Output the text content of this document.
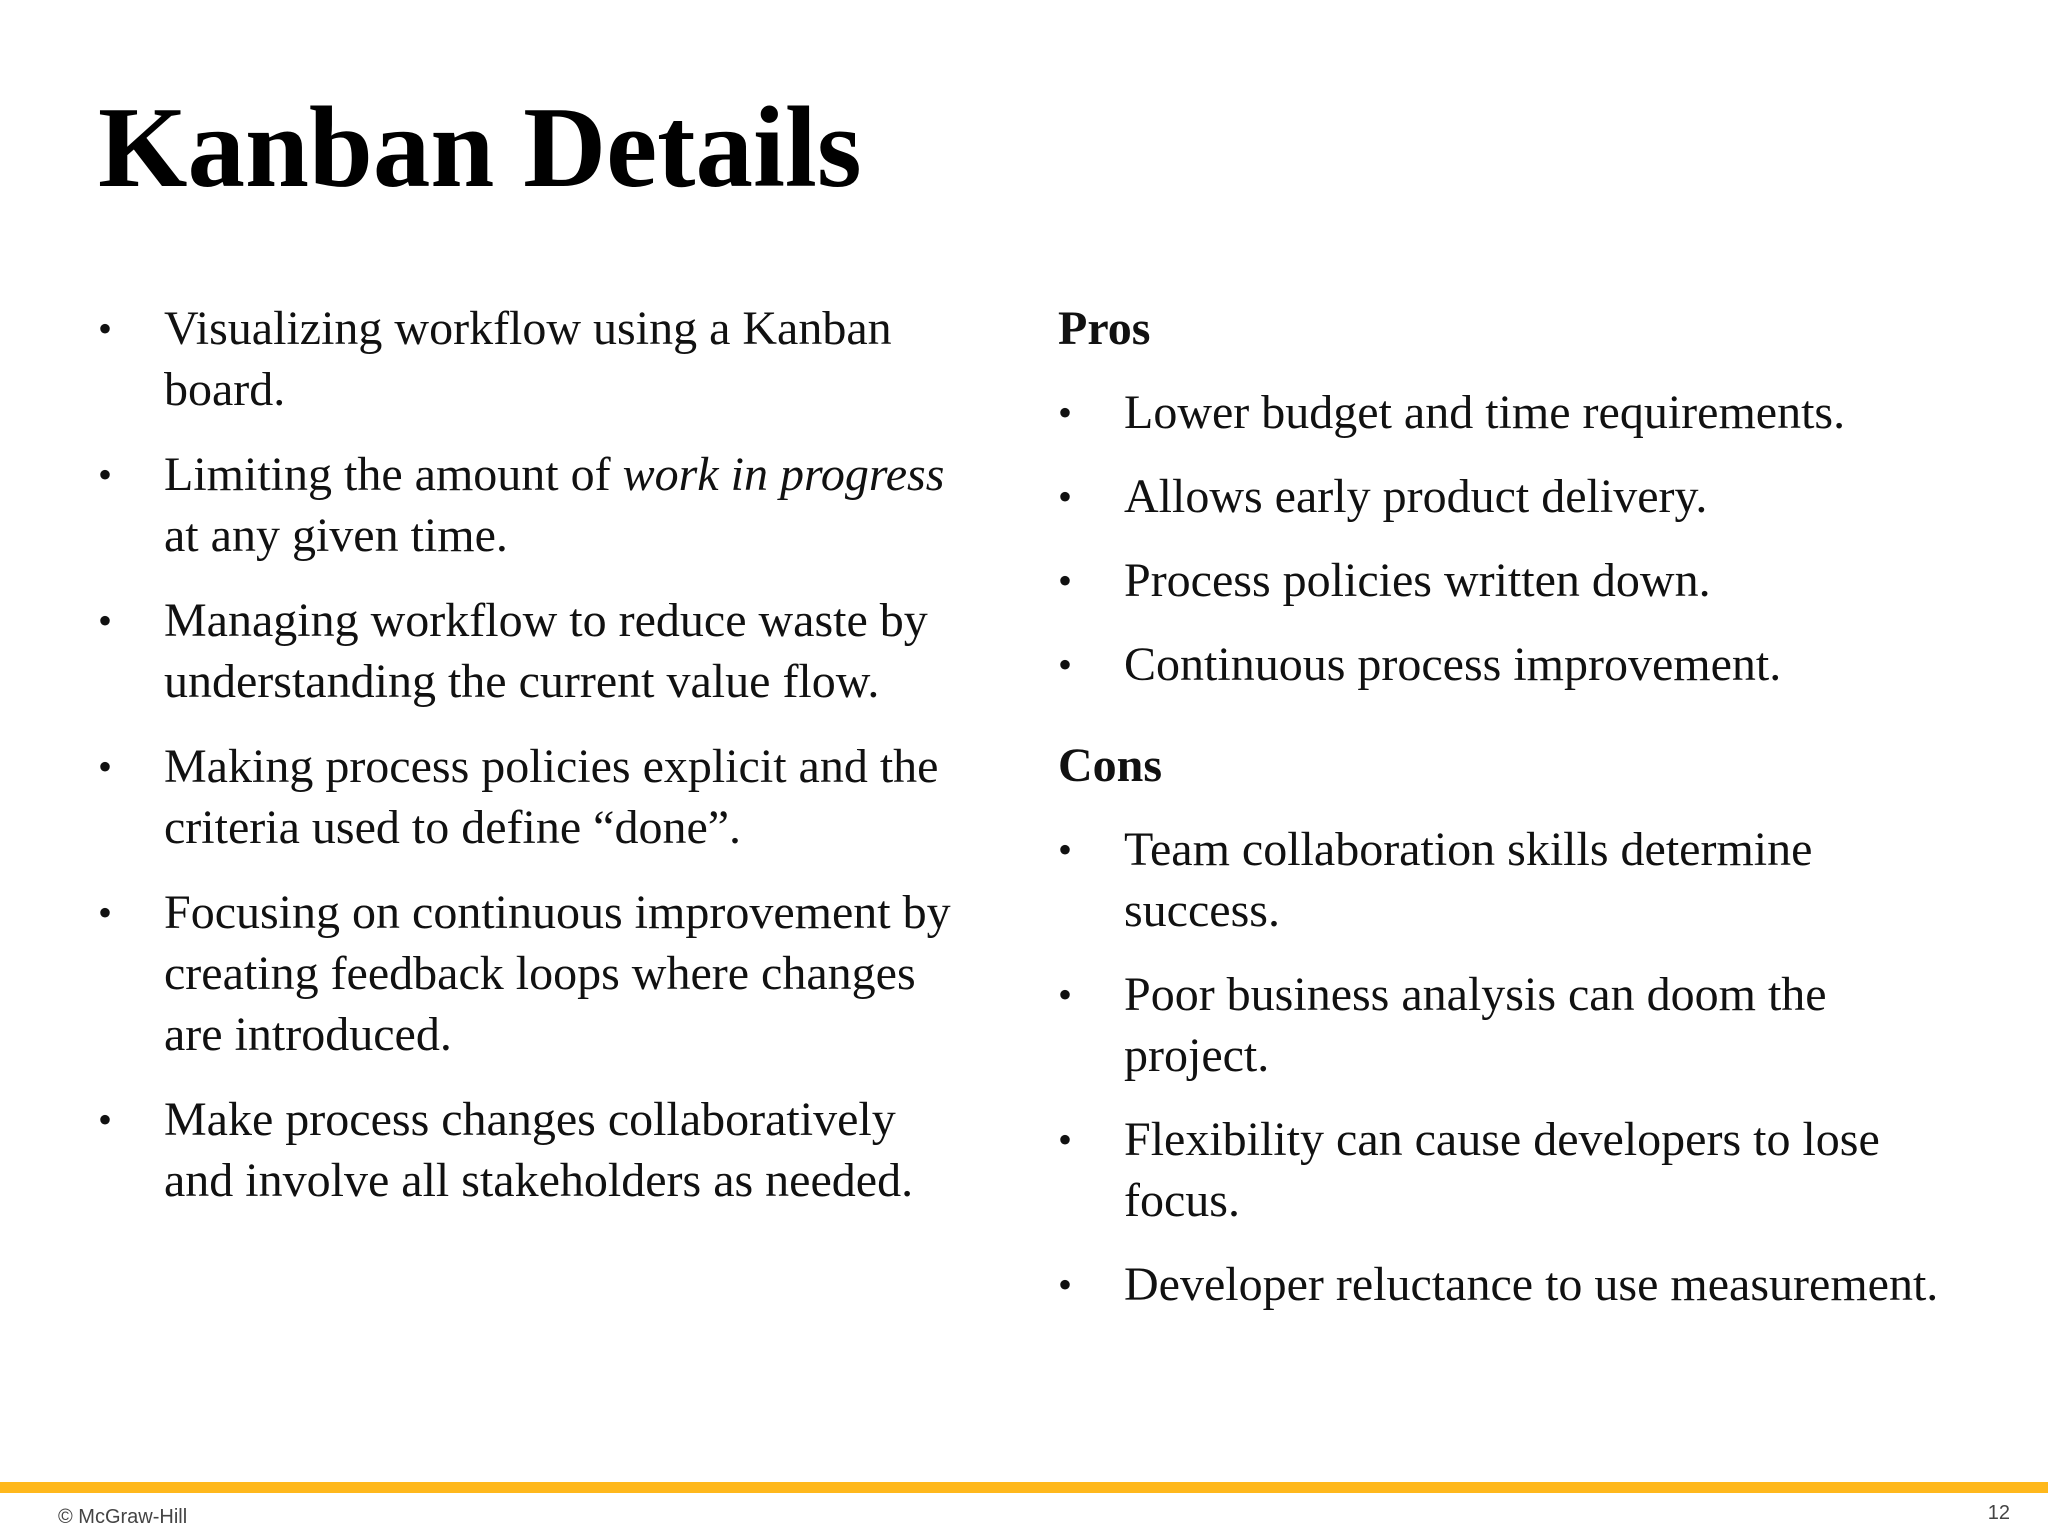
Kanban Details
• Visualizing workflow using a Kanban board.
• Limiting the amount of work in progress at any given time.
• Managing workflow to reduce waste by understanding the current value flow.
• Making process policies explicit and the criteria used to define “done”.
• Focusing on continuous improvement by creating feedback loops where changes are introduced.
• Make process changes collaboratively and involve all stakeholders as needed.
Pros
• Lower budget and time requirements.
• Allows early product delivery.
• Process policies written down.
• Continuous process improvement.
Cons
• Team collaboration skills determine success.
• Poor business analysis can doom the project.
• Flexibility can cause developers to lose focus.
• Developer reluctance to use measurement.
© McGraw-Hill	12
